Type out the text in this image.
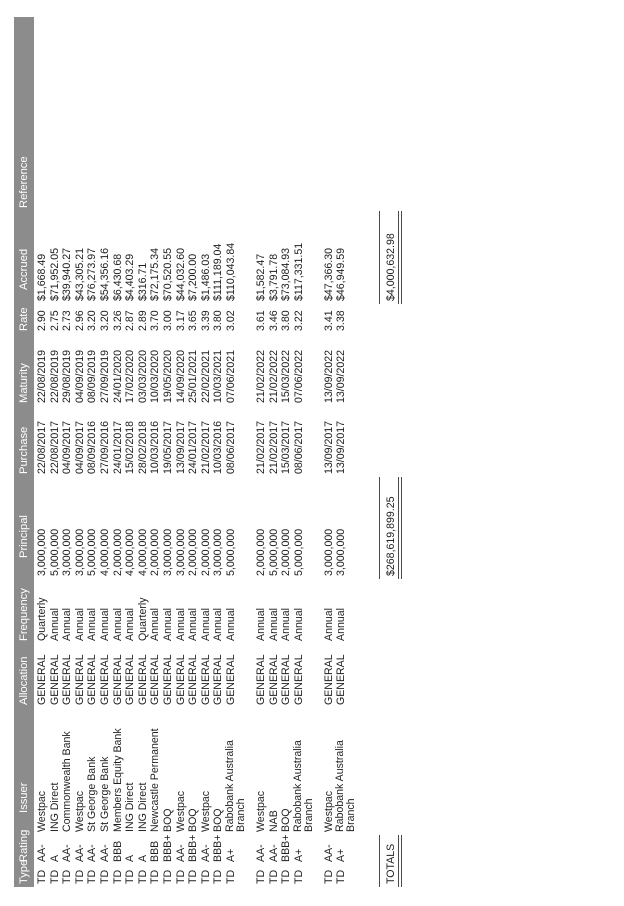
Type	Rating	Issuer	Allocation	Frequency	Principal	Purchase	Maturity	Rate	Accrued	Reference
TD	AA-	Westpac	GENERAL	Quarterly	3,000,000	22/08/2017	22/08/2019	2.90	$1,668.49	
TD	A	ING Direct	GENERAL	Annual	5,000,000	22/08/2017	22/08/2019	2.75	$71,952.05	
TD	AA-	Commonwealth Bank	GENERAL	Annual	3,000,000	04/09/2017	29/08/2019	2.73	$39,940.27	
TD	AA-	Westpac	GENERAL	Annual	3,000,000	04/09/2017	04/09/2019	2.96	$43,305.21	
TD	AA-	St George Bank	GENERAL	Annual	5,000,000	08/09/2016	08/09/2019	3.20	$76,273.97	
TD	AA-	St George Bank	GENERAL	Annual	4,000,000	27/09/2016	27/09/2019	3.20	$54,356.16	
TD	BBB	Members Equity Bank	GENERAL	Annual	2,000,000	24/01/2017	24/01/2020	3.26	$6,430.68	
TD	A	ING Direct	GENERAL	Annual	4,000,000	15/02/2018	17/02/2020	2.87	$4,403.29	
TD	A	ING Direct	GENERAL	Quarterly	4,000,000	28/02/2018	03/03/2020	2.89	$316.71	
TD	BBB	Newcastle Permanent	GENERAL	Annual	2,000,000	10/03/2016	10/03/2020	3.70	$72,175.34	
TD	BBB+	BOQ	GENERAL	Annual	3,000,000	19/05/2017	19/05/2020	3.00	$70,520.55	
TD	AA-	Westpac	GENERAL	Annual	3,000,000	13/09/2017	14/09/2020	3.17	$44,032.60	
TD	BBB+	BOQ	GENERAL	Annual	2,000,000	24/01/2017	25/01/2021	3.65	$7,200.00	
TD	AA-	Westpac	GENERAL	Annual	2,000,000	21/02/2017	22/02/2021	3.39	$1,486.03	
TD	BBB+	BOQ	GENERAL	Annual	3,000,000	10/03/2016	10/03/2021	3.80	$111,189.04	
TD	A+	Rabobank Australia Branch	GENERAL	Annual	5,000,000	08/06/2017	07/06/2021	3.02	$110,043.84	

TD	AA-	Westpac	GENERAL	Annual	2,000,000	21/02/2017	21/02/2022	3.61	$1,582.47	
TD	AA-	NAB	GENERAL	Annual	5,000,000	21/02/2017	21/02/2022	3.46	$3,791.78	
TD	BBB+	BOQ	GENERAL	Annual	2,000,000	15/03/2017	15/03/2022	3.80	$73,084.93	
TD	A+	Rabobank Australia Branch	GENERAL	Annual	5,000,000	08/06/2017	07/06/2022	3.22	$117,331.51	

TD	AA-	Westpac	GENERAL	Annual	3,000,000	13/09/2017	13/09/2022	3.41	$47,366.30	
TD	A+	Rabobank Australia Branch	GENERAL	Annual	3,000,000	13/09/2017	13/09/2022	3.38	$46,949.59	

TOTALS					$268,619,899.25				$4,000,632.98	
